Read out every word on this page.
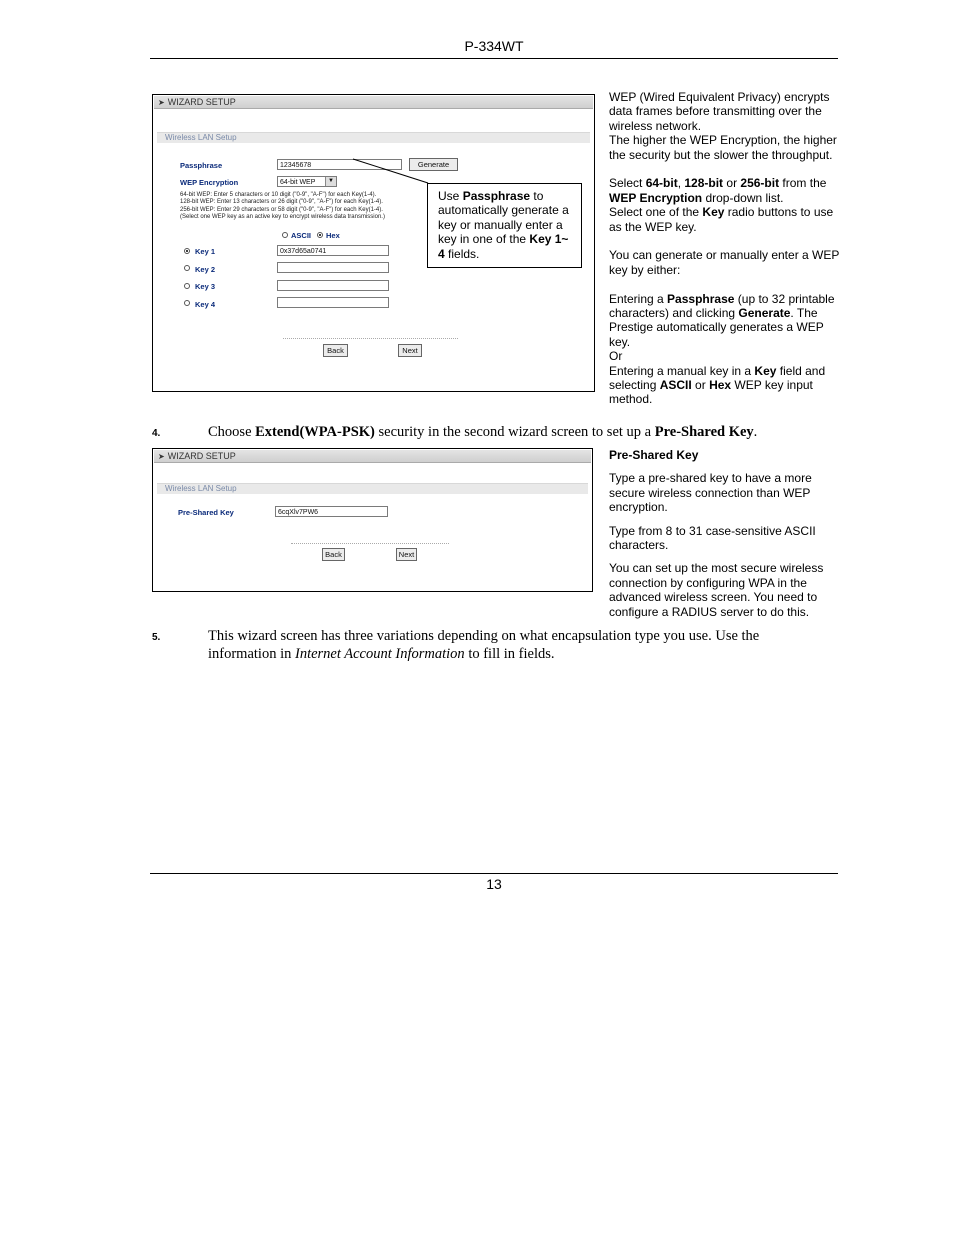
P-334WT
➤ WIZARD SETUP
Wireless LAN Setup
Passphrase	12345678	Generate
WEP Encryption	64-bit WEP	▼
64-bit WEP: Enter 5 characters or 10 digit ("0-9", "A-F") for each Key(1-4).
128-bit WEP: Enter 13 characters or 26 digit ("0-9", "A-F") for each Key(1-4).
256-bit WEP: Enter 29 characters or 58 digit ("0-9", "A-F") for each Key(1-4).
(Select one WEP key as an active key to encrypt wireless data transmission.)
ASCII Hex
Key 1	0x37d65a0741
Key 2
Key 3
Key 4
Back	Next
Use Passphrase to automatically generate a key or manually enter a key in one of the Key 1~ 4 fields.

WEP (Wired Equivalent Privacy) encrypts data frames before transmitting over the wireless network.

The higher the WEP Encryption, the higher the security but the slower the throughput.

Select 64-bit, 128-bit or 256-bit from the WEP Encryption drop-down list.

Select one of the Key radio buttons to use as the WEP key.

You can generate or manually enter a WEP key by either:

Entering a Passphrase (up to 32 printable characters) and clicking Generate. The Prestige automatically generates a WEP key.

Or

Entering a manual key in a Key field and selecting ASCII or Hex WEP key input method.

4.	Choose Extend(WPA-PSK) security in the second wizard screen to set up a Pre-Shared Key.
➤ WIZARD SETUP
Wireless LAN Setup
Pre-Shared Key	6cqXlv7PW6
Back	Next

Pre-Shared Key

Type a pre-shared key to have a more secure wireless connection than WEP encryption.

Type from 8 to 31 case-sensitive ASCII characters.

You can set up the most secure wireless connection by configuring WPA in the advanced wireless screen. You need to configure a RADIUS server to do this.

5.	This wizard screen has three variations depending on what encapsulation type you use. Use the information in Internet Account Information to fill in fields.
13
